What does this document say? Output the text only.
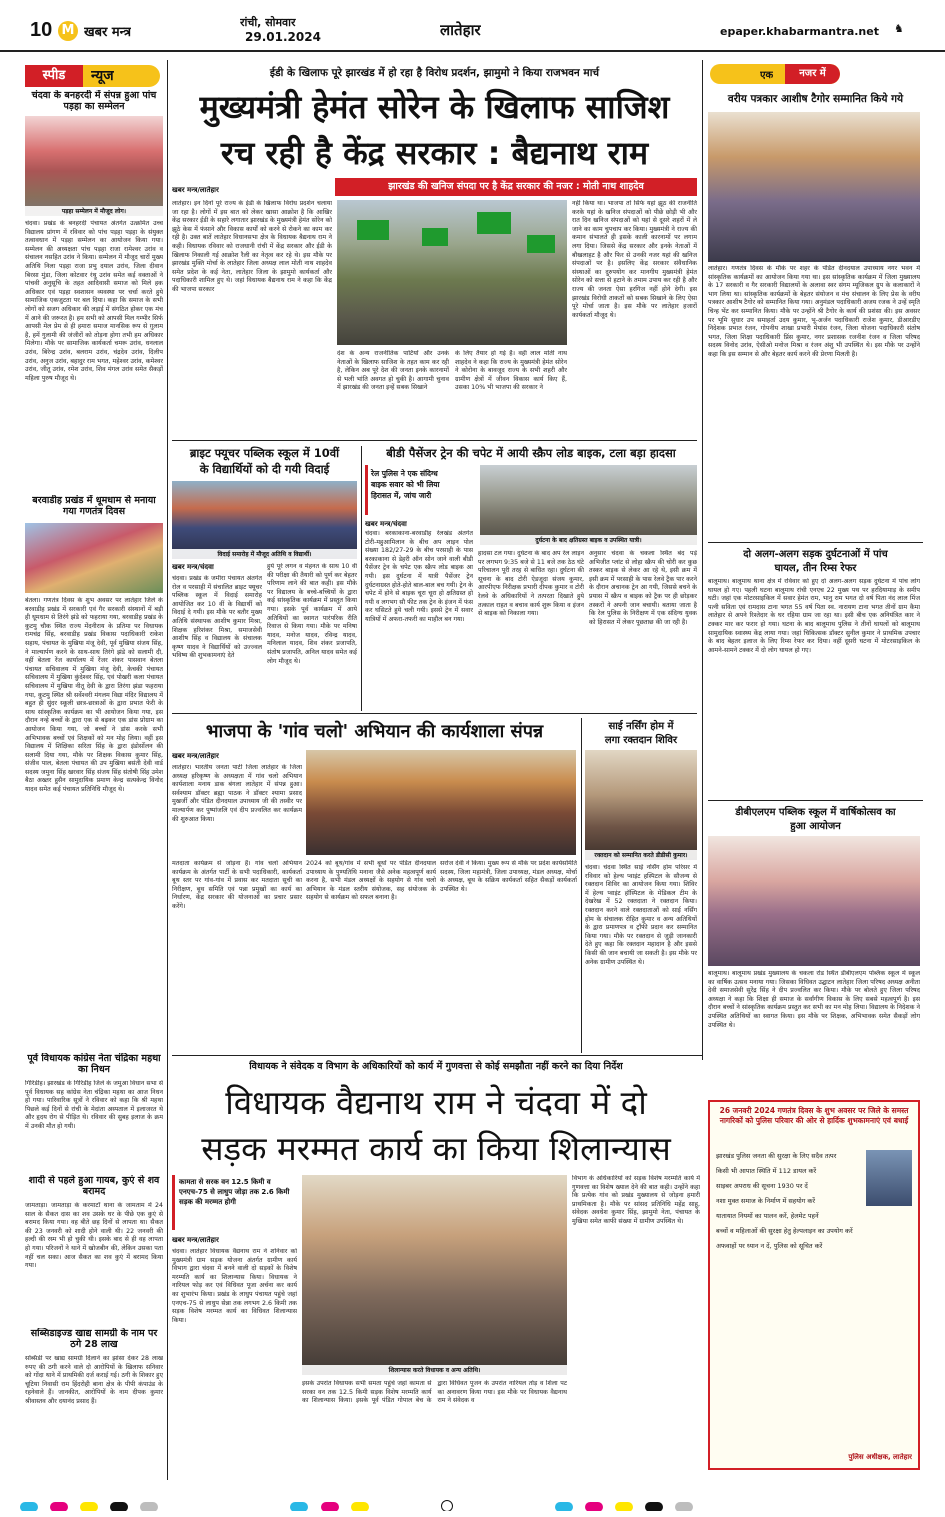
10 M खबर मन्त्र
रांची, सोमवार
29.01.2024	लातेहार	epaper.khabarmantra.net ♞
स्पीड	न्यूज
चंदवा के बनहरदी में संपन्न हुआ पांच पड़हा का सम्मेलन
पड़हा सम्मेलन में मौजूद लोग।
चंदवा। प्रखंड के बनहरदी पंचायत अंतर्गत उत्क्रमित उच्च विद्यालय प्रांगण में रविवार को पांच पड़हा पड़हा के संयुक्त तत्वावधान में पड़हा सम्मेलन का आयोजन किया गया। सम्मेलन की अध्यक्षता पांच पड़हा राजा रामेश्वर उरांव व संचालन नसहित उरांव ने किया। सम्मेलन में मौजूद चारों मुख्य अतिथि निला पड़हा राजा प्रभु दयाल उरांव, जिला दीवान बिरसा मुंडा, जिला कोटवार रंथु उरांव समेत कई वक्ताओं ने पांचवी अनुसूचि के तहत आदिवासी समाज को मिले हक अधिकार एवं पड़हा स्वशासन व्यवस्था पर चर्चा करते हुये सामाजिक एकजुटता पर बल दिया। कहा कि समाज के सभी लोगों को सजग अधिकार की लड़ाई में संगठित होकर एक मंच में आने की जरूरत है। हम सभी को आपसी मिल गम्भीर सिर्फ आपसी मेल प्रेम से ही हमारा समाज मानसिक रूप से ग़ुलाम है, हमें गुलामी की जंजीरों को तोड़ना होगा तभी हम अधिकार मिलेगा। मौके पर सामाजिक कार्यकर्ता चमरू उरांव, धनलाल उरांव, बिरेन्द्र उरांव, बलराम उरांव, चंद्रदेव उरांव, दिलीप उरांव, अनुज उरांव, बहादुर राम भगत, महेश्वर उरांव, कमेश्वर उरांव, जीतू उरांव, रमेश उरांव, शिव मंगल उरांव समेत सैकड़ों महिला पुरुष मौजूद थे।
बरवाडीह प्रखंड में धूमधाम से मनाया गया गणतंत्र दिवस
बेतला। गणतंत्र दिवस के शुभ अवसर पर लातेहार जिले के बरवाडीह प्रखंड में सरकारी एवं गैर सरकारी संस्थानों में बड़ी ही धूमधाम से तिरंगे झंडे को फहराया गया, बरवाडीह प्रखंड के कुटमु चौक स्थित राज्य मेंदनीराय के प्रतिमा पर विधायक रामचंद्र सिंह, बरवाडीह प्रखंड विकास पदाधिकारी राकेश सहाय, पंचायत के मुखिया मंजू देवी, पूर्व मुखिया संजय सिंह, ने माल्यार्पण करने के साथ-साथ तिरंगे झंडे को सलामी दी, वहीं बेतला रेंज कार्यालय में रेंजर शंकर पासवान बेतला पंचायत सचिवालय में मुखिया मंजू देवी, केचकी पंचायत सचिवालय में मुखिया कुंदेश्वर सिंह, एवं पोखरी कला पंचायत सचिवालय में मुखिया नीतू देवी के द्वारा तिरंगा झंडा फहराया गया, कुटमु स्थित श्री सर्वेश्वरी मंगलम विद्या मंदिर विद्यालय में बहुत ही सुंदर स्कूली छात्र-छात्राओं के द्वारा प्रभात फेरी के साथ सांस्कृतिक कार्यक्रम का भी आयोजन किया गया, इस दौरान नन्हे बच्चों के द्वारा एक से बढ़कर एक डांस प्रोग्राम का आयोजन किया गया, जो बच्चों ने डांस करके सभी अभिभावक बच्चों एवं शिक्षकों को मन मोह लिया। वहीं इस विद्यालय में शिक्षिका सरिता सिंह के द्वारा इंडोर्सोलन की सलामी दिया गया, मौके पर शिक्षक विकास कुमार सिंह, संजीव पाल, बेतला पंचायत की उप मुखिया बसंती देवी वार्ड सदस्य जमुना सिंह खरवार सिंह संजय सिंह संतोषी सिंह उमेश बैठा अख्तर हुसैन सामुदायिक प्रमाण केन्द्र सत्यकेन्द्र विनोद यादव समेत कई पंचायत प्रतिनिधि मौजूद थे।
पूर्व विधायक कांग्रेस नेता चंद्रिका महथा का निधन
गिरिडीह। झारखंड के गिरिडीह जिले के जमुआ विधान सभा से पूर्व विधायक सह कांग्रेस नेता चंद्रिका महथा का आज निधन हो गया। पारिवारिक सूत्रों ने रविवार को कहा कि श्री महथा पिछले कई दिनों से रांची के मेदांता अस्पताल में इलाजरत थे और हृदय रोग से पीड़ित थे। रविवार की सुबह इलाज के क्रम में उनकी मौत हो गयी।
शादी से पहले हुआ गायब, कुएं से शव बरामद
जामताड़ा। जामताड़ा के करमाटाँ थाना के जामताम में 24 साल के सैकत दास का शव उसके घर के पीछे एक कुएं से बरामद किया गया। वह बीते छह दिनों से लापता था। सैकत की 23 जनवरी को शादी होने वाली थी। 22 जनवरी की हल्दी की रस्म भी हो चुकी थी। इसके बाद से ही वह लापता हो गया। परिजनों ने थाने में खोजबीन की, लेकिन उसका पता नहीं चल सका। आज सैकत का शव कुएं में बरामद किया गया।
सब्सिडाइज्ड खाद्य सामग्री के नाम पर ठगे 28 लाख
सब्सिडी पर खाद्य सामग्री दिलाने का झांसा देकर 28 लाख रुपए की ठगी करने वाले दो आरोपियों के खिलाफ सनिवार को गोंदा थाने में प्राथमिकी दर्ज कराई गई। ठगी के शिकार हुए चूटिया निवासी राम हिंदरोही बाना क्षेत्र के पीपी कंपाउंड के रहनेवाले हैं। जानकीत, आरोपियों के नाम दीपक कुमार श्रीवास्तव और दयानंद प्रसाद हैं।
ईडी के खिलाफ पूरे झारखंड में हो रहा है विरोध प्रदर्शन, झामुमो ने किया राजभवन मार्च
मुख्यमंत्री हेमंत सोरेन के खिलाफ साजिश
रच रही है केंद्र सरकार : बैद्यनाथ राम
झारखंड की खनिज संपदा पर है केंद्र सरकार की नजर : मोती नाथ शाहदेव
खबर मन्त्र/लातेहार
लातेहार। इन दिनों पूरे राज्य के ईडी के खिलाफ विरोध प्रदर्शन चलाया जा रहा है। लोगों में इस बात को लेकर खासा आक्रोश है कि आखिर केंद्र सरकार ईडी के सहारे लगातार झारखंड के मुख्यमंत्री हेमंत सोरेन को झूठे केस में फंसाने और विकास कार्यों को करने से रोकने का काम कर रही है। उक्त बातें लातेहार विधानसभा क्षेत्र के विधायक बैद्यनाथ राम ने कही। विधायक रविवार को राजधानी रांची में केंद्र सरकार और ईडी के खिलाफ निकाली गई आक्रोश रैली का नेतृत्व कर रहे थे। इस मौके पर झारखंड मुक्ति मोर्चा के लातेहार जिला अध्यक्ष लाल मोती नाथ शाहदेव समेत प्रदेश के कई नेता, लातेहार जिला के झामुमो कार्यकर्ता और पदाधिकारी शामिल हुए थे। जहां विधायक बैद्यनाथ राम ने कहा कि केंद्र की भाजपा सरकार
देश के अन्य राजनीतिक पार्टियों और उनके नेताओं के खिलाफ साजिश के तहत काम कर रही है, लेकिन अब पूरे देश की जनता इनके कारनामों से भली भांति अवगत हो चुकी है। आगामी चुनाव में झारखंड की जनता इन्हें सबक सिखाने
के लिए तैयार हो गई है। वहीं लाल मोती नाथ शाहदेव ने कहा कि राज्य के मुख्यमंत्री हेमंत सोरेन ने कोरोना के बावजूद राज्य के सभी शहरी और ग्रामीण क्षेत्रों में जीवन विकास कार्य किए हैं, उसका 10% भी भाजपा की सरकार ने
नहीं किया था। भाजपा तो सिर्फ यहां झूठ की राजनीति करके यहां के खनिज संपदाओं को पीछे छोड़ी भी और रात दिन खनिज संपदाओं को यहां से दूसरे शहरों में ले जाने का काम चुपचाप कर किया। मुख्यमंत्री ने राज्य की कमान संभालते ही इसके काली कारनामों पर लगाम लगा दिया। जिससे केंद्र सरकार और इनके नेताओं में बौखलाहट है और फिर से उनकी नजर यहां की खनिज संपदाओं पर है। इसलिए केंद्र सरकार संवैधानिक संस्थाओं का दुरुपयोग कर मानगीय मुख्यमंत्री हेमंत सोरेन को सत्ता से हटाने के तमाम उपाय कर रही है और राज्य की जनता ऐसा हरगिज नहीं होने देगी। इस झारखंड विरोधी ताकतों को सबक सिखाने के लिए ऐसा पूरे मोर्चा जाता है। इस मौके पर लातेहार हजारों कार्यकर्ता मौजूद थे।
ब्राइट फ्यूचर पब्लिक स्कूल में 10वीं
के विद्यार्थियों को दी गयी विदाई
विदाई समारोह में मौजूद अतिथि व विद्यार्थी।
खबर मन्त्र/चंदवा
चंदवा। प्रखंड के जमीरा पंचायत अंतर्गत रोल व परसाही में संचालित ब्राइट फ्यूचर पब्लिक स्कूल में विदाई समारोह आयोजित कर 10 वीं के विद्यार्थी को विदाई दे गयी। इस मौके पर बतौर मुख्य अतिथि संस्थापक आशीष कुमार मिश्रा, शिक्षक हरिशंकर मिश्रा, समाजसेवी आशीष सिंह व विद्यालय के संचालक कृष्ण यादव ने विद्यार्थियों को उज्ज्वल भविष्य की शुभकामनाएं देते
हुये पूरे लगन व मेहनत के साथ 10 वीं की परीक्षा की तैयारी को पूर्ण कर बेहतर परिणाम लाने की बात कही। इस मौके पर विद्यालय के बच्चे-बच्चियों के द्वारा कई सांस्कृतिक कार्यक्रम में प्रस्तुत किया गया। इसके पूर्व कार्यक्रम में आये अतिथियों का स्वागत पारंपरिक रीति रिवाज से किया गया। मौके पर मनिषा यादव, मनोज यादव, रविन्द्र यादव, मनिलाल यादव, शिव शंकर प्रजापति, संतोष प्रजापति, अनिल यादव समेत कई लोग मौजूद थे।
बीडी पैसेंजर ट्रेन की चपेट में आयी स्क्रैप लोड बाइक, टला बड़ा हादसा
रेल पुलिस ने एक संदिग्ध
बाइक सवार को भी लिया
हिरासत में, जांच जारी
दुर्घटना के बाद क्षतिग्रस्त बाइक व उपस्थित यात्री।
खबर मन्त्र/चंदवा
चंदवा। बरकाकाना-बरवाडीह रेलखंड अंतर्गत टोरी-महुआमिलान के बीच अप लाइन पोल संख्या 182/27-29 के बीच परसाही के पास बरकाकाना से डेहरी ऑन सोन जाने वाली बीडी पैसेंजर ट्रेन के चपेट एक स्क्रैप लोड बाइक आ गयी। इस दुर्घटना में यात्री पैसेंजर ट्रेन दुर्घटनाग्रस्त होते-होते बाल-बाल बच गयी। ट्रेन के चपेट में होने से बाइक चूरा चूरा हो क्षतिग्रस्त हो गयी व लगभग सौ फीट तक ट्रेन के इंजन में फंस कर घसिटते हुये चली गयी। इससे ट्रेन में सवार यात्रियों में अफरा-तफरी का माहौल बन गया।
हादसा टल गया। दुर्घटना के बाद अप रेल लाइन पर लगभग 9:35 बजे से 11 बजे तक ठेठ घंटे परिचालन पूरी तरह से बाधित रहा। दुर्घटना की सूचना के बाद टोरी ऐडजूदा संजय कुमार, आरपीएफ निरीक्षक प्रभारी दीपक कुमार व टोरी रेलवे के अधिकारियों ने तत्परता दिखाते हुये तत्काल राहत व बचाव कार्य शुरू किया व इंजन से बाइक को निकाला गया।
अनुसार चंदवा के चकला स्थित बंद पड़े अभिजीत प्लांट से लोहा स्क्रैप की चोरी कर कुछ तस्कर बाइक से लेकर आ रहे थे, इसी क्रम में इसी क्रम में परसाही के पास रेलवे ट्रैक पार करने के दौरान अचानक ट्रेन आ गयी, जिससे बचने के प्रयास में स्क्रैप व बाइक को ट्रैक पर ही छोड़कर तस्करों ने अपनी जान बचायी। बताया जाता है कि रेल पुलिस के निरीक्षण में एक संदिग्ध युवक को हिरासत में लेकर पूछताछ की जा रही है।
भाजपा के 'गांव चलो' अभियान की कार्यशाला संपन्न
खबर मन्त्र/लातेहार
लातेहार। भारतीय जनता पार्टी जिला लातेहार के जिला अध्यक्ष हरिकृष्ण के अध्यक्षता में गांव चलो अभियान कार्यशाला मनाय डाक बंगला लातेहार में संपन्न हुआ। सर्वश्याम डॉक्टर ब्रह्मा पाठक ने डॉक्टर श्यामा प्रसाद मुखर्जी और पंडित दीनदयाल उपाध्याय जी की तस्वीर पर माल्यार्पण कर पुष्पांजलि एवं दीप प्रज्वलित कर कार्यक्रम की शुरुआत किया।
मतदाता कार्यक्रम से जोड़ना है। गांव चलो अभियान कार्यक्रम के अंतर्गत पार्टी के सभी पदाधिकारी, कार्यकर्ता बूथ स्तर पर गांव-गांव में प्रवास कर मतदाता सूची का निरीक्षण, बूथ समिति एवं पन्ना प्रमुखों का कार्य का निर्धारण, केंद्र सरकार की योजनाओं का प्रचार प्रसार करेंगे।
2024 को बूथ/गांव में सभी बूथों पर पंडित दीनदयाल उपाध्याय के पुण्यतिथि मनाना जैसे अनेक महत्वपूर्ण कार्य करना है, सभी मंडल अध्यक्षों के सहयोग से गांव चलो अभियान के मंडल स्तरीय संयोजक, सह संयोजक के सहयोग से कार्यक्रम को सफल बनाना है।
सरोज देवी ने किया। मुख्य रूप से मौके पर प्रदेश कार्यसमिति सदस्य, जिला महामंत्री, जिला उपाध्यक्ष, मंडल अध्यक्ष, मोर्चा के अध्यक्ष, बूथ के सक्रिय कार्यकर्ता सहित सैकड़ों कार्यकर्ता उपस्थित थे।
साई नर्सिंग होम में
लगा रक्तदान शिविर
रक्तदान को सम्मानित करते डीडीसी कुमार।
चंदवा। चंदवा स्थित साई नर्सिंग होम परिसर में रविवार को हेल्थ प्वाइंट हस्पिटल के सौजन्य से रक्तदान शिविर का आयोजन किया गया। शिविर में हेल्थ प्वाइंट हॉस्पिटल के मेडिकल टीम के देखरेख में 52 रक्तदाता ने रक्तदान किया। रक्तदान करने वाले रक्तदाताओं को साई नर्सिंग होम के संचालक रोहित कुमार व अन्य अतिथियों के द्वारा प्रमाणपत्र व ट्रॉफी प्रदान कर सम्मानित किया गया। मौके पर रक्तदान से जुड़ी जानकारी देते हुए कहा कि रक्तदान महादान है और इससे किसी की जान बचायी जा सकती है। इस मौके पर अनेक ग्रामीण उपस्थित थे।
एक	नजर में
वरीय पत्रकार आशीष टैगोर सम्मानित किये गये
लातेहार। गणतंत्र दिवस के मौके पर शहर के पंडित दीनदयाल उपाध्याय नगर भवन में सांस्कृतिक कार्यक्रमों का आयोजन किया गया था। इस सांस्कृतिक कार्यक्रम में जिला मुख्यालय के 17 सरकारी व गैर सरकारी विद्यालयों के अलावा स्वर संगम म्यूजिकल ग्रुप के कलाकारों ने भाग लिया था। सांस्कृतिक कार्यक्रमों के बेहतर संयोजन व मंच संचालन के लिए प्रेस के वरीय पत्रकार आशीष टैगोर को सम्मानित किया गया। अनुमंडल पदाधिकारी अजय रजक ने उन्हें स्मृति चिन्ह भेंट कर सम्मानित किया। मौके पर उन्होंने श्री टैगोर के कार्य की प्रशंसा की। इस अवसर पर भूमि सुधार उप समाहर्ता उदय कुमार, भू-अर्जन पदाधिकारी राजेश कुमार, डीआरडीए निदेशक प्रभात रंजन, गोपनीय शाखा प्रभारी मेयांस रंजन, जिला योजना पदाधिकारी संतोष भगत, जिला शिक्षा पदाधिकारी प्रिंस कुमार, नगर प्रशासक रजनीश रंजन व जिला परिषद सदस्य विनोद उरांव, ऐसीओ मनोज मिश्रा व रंजन अंशु भी उपस्थित थे। इस मौके पर उन्होंने कहा कि इस सम्मान से और बेहतर कार्य करने की प्रेरणा मिलती है।
दो अलग-अलग सड़क दुर्घटनाओं में पांच
घायल, तीन रिम्स रेफर
बालूमाथ। बालूमाथ थाना क्षेत्र में रविवार को हुए दो अलग-अलग सड़क दुर्घटना में पांच लोग घायल हो गए। पहली घटना बालूमाथ रांची एनएच 22 मुख्य पथ पर हरदियामाड़ के समीप घटी। जहां एक मोटरसाइकिल में सवार हेमंत राम, भानु राम भगत दो वर्ष पिता नंद लाल मिंज पत्नी सविता एवं रामदास टाना भगत 55 वर्ष पिता स्व. नारायण टाना भगत तीनों ग्राम कैमा लातेहार से अपने रिश्तेदार के घर रहिया ग्राम जा रहा था। इसी बीच एक अनियंत्रित कार ने टक्कर मार कर फरार हो गया। घटना के बाद बालूमाथ पुलिस ने तीनों घायलों को बालूमाथ सामुदायिक स्वास्थ्य केंद्र लाया गया। जहां चिकित्सक डॉक्टर सुनील कुमार ने प्राथमिक उपचार के बाद बेहतर इलाज के लिए रिम्स रेफर कर दिया। वहीं दूसरी घटना में मोटरसाइकिल के आमने-सामने टक्कर में दो लोग घायल हो गए।
डीबीएलएम पब्लिक स्कूल में वार्षिकोत्सव का
हुआ आयोजन
बालूमाथ। बालूमाथ प्रखंड मुख्यालय के चकला रोड स्थित डीबीएलएम पब्लिक स्कूल में स्कूल का वार्षिक उत्सव मनाया गया। जिसका विधिवत उद्घाटन लातेहार जिला परिषद अध्यक्ष अनीता देवी समाजसेवी सुरेंद्र सिंह ने दीप प्रज्वलित कर किया। मौके पर बोलते हुए जिला परिषद अध्यक्षा ने कहा कि शिक्षा ही समाज के सर्वांगीण विकास के लिए सबसे महत्वपूर्ण है। इस दौरान बच्चों ने सांस्कृतिक कार्यक्रम प्रस्तुत कर सभी का मन मोह लिया। विद्यालय के निदेशक ने उपस्थित अतिथियों का स्वागत किया। इस मौके पर शिक्षक, अभिभावक समेत सैकड़ों लोग उपस्थित थे।
26 जनवरी 2024 गणतंत्र दिवस के शुभ अवसर पर जिले के समस्त नागरिकों को पुलिस परिवार की ओर से हार्दिक शुभकामनाएं एवं बधाई
झारखंड पुलिस जनता की सुरक्षा के लिए सदैव तत्पर
किसी भी आपात स्थिति में 112 डायल करें
साइबर अपराध की सूचना 1930 पर दें
नशा मुक्त समाज के निर्माण में सहयोग करें
यातायात नियमों का पालन करें, हेलमेट पहनें
बच्चों व महिलाओं की सुरक्षा हेतु हेल्पलाइन का उपयोग करें
अफवाहों पर ध्यान न दें, पुलिस को सूचित करें
पुलिस अधीक्षक, लातेहार
विधायक ने संवेदक व विभाग के अधिकारियों को कार्य में गुणवत्ता से कोई समझौता नहीं करने का दिया निर्देश
विधायक वैद्यनाथ राम ने चंदवा में दो
सड़क मरम्मत कार्य का किया शिलान्यास
कामता से सरक वन 12.5 किमी व एनएच-75 से लाधुप जोड़ा तक 2.6 किमी सड़क की मरम्मत होगी
खबर मन्त्र/लातेहार
चंदवा। लातेहार विधायक वैद्यनाथ राम ने शनिवार को मुख्यमंत्री ग्राम सड़क योजना अंतर्गत ग्रामीण कार्य विभाग द्वारा चंदवा में बनने वाली दो सड़कों के विशेष मरम्मति कार्य का शिलान्यास किया। विधायक ने नारियल फोड़ कर एवं विधिवत पूजा अर्चना कर कार्य का शुभारंभ किया। प्रखंड के लाधुप पंचायत पहुंचे जहां एनएच-75 से लाधुप सेन्ना तक लगभग 2.6 किमी तक सड़क विशेष मरम्मत कार्य का विधिवत शिलान्यास किया।
शिलान्यास करते विधायक व अन्य अतिथि।
इसके उपरांत विधायक सभी समता पहुंचे जहां कामता से सरका वन तक 12.5 किमी सड़क विशेष मरम्मति कार्य का शिलान्यास किया। इसके पूर्व पंडित गोपाल बेच के द्वारा विधिवत पूजन के उपरांत नारियल तोड़ व शिला पट का अनावरण किया गया। इस मौके पर विधायक वैद्यनाथ राम ने संवेदक व
विभाग के अधिकारियों को सड़क विशेष मरम्मति कार्य में गुणवत्ता का विशेष ख्याल देने की बात कही। उन्होंने कहा कि प्रत्येक गांव को प्रखंड मुख्यालय से जोड़ना हमारी प्राथमिकता है। मौके पर सांसद प्रतिनिधि महेंद्र साहू, संवेदक अवधेश कुमार सिंह, झामुमो नेता, पंचायत के मुखिया समेत काफी संख्या में ग्रामीण उपस्थित थे।
